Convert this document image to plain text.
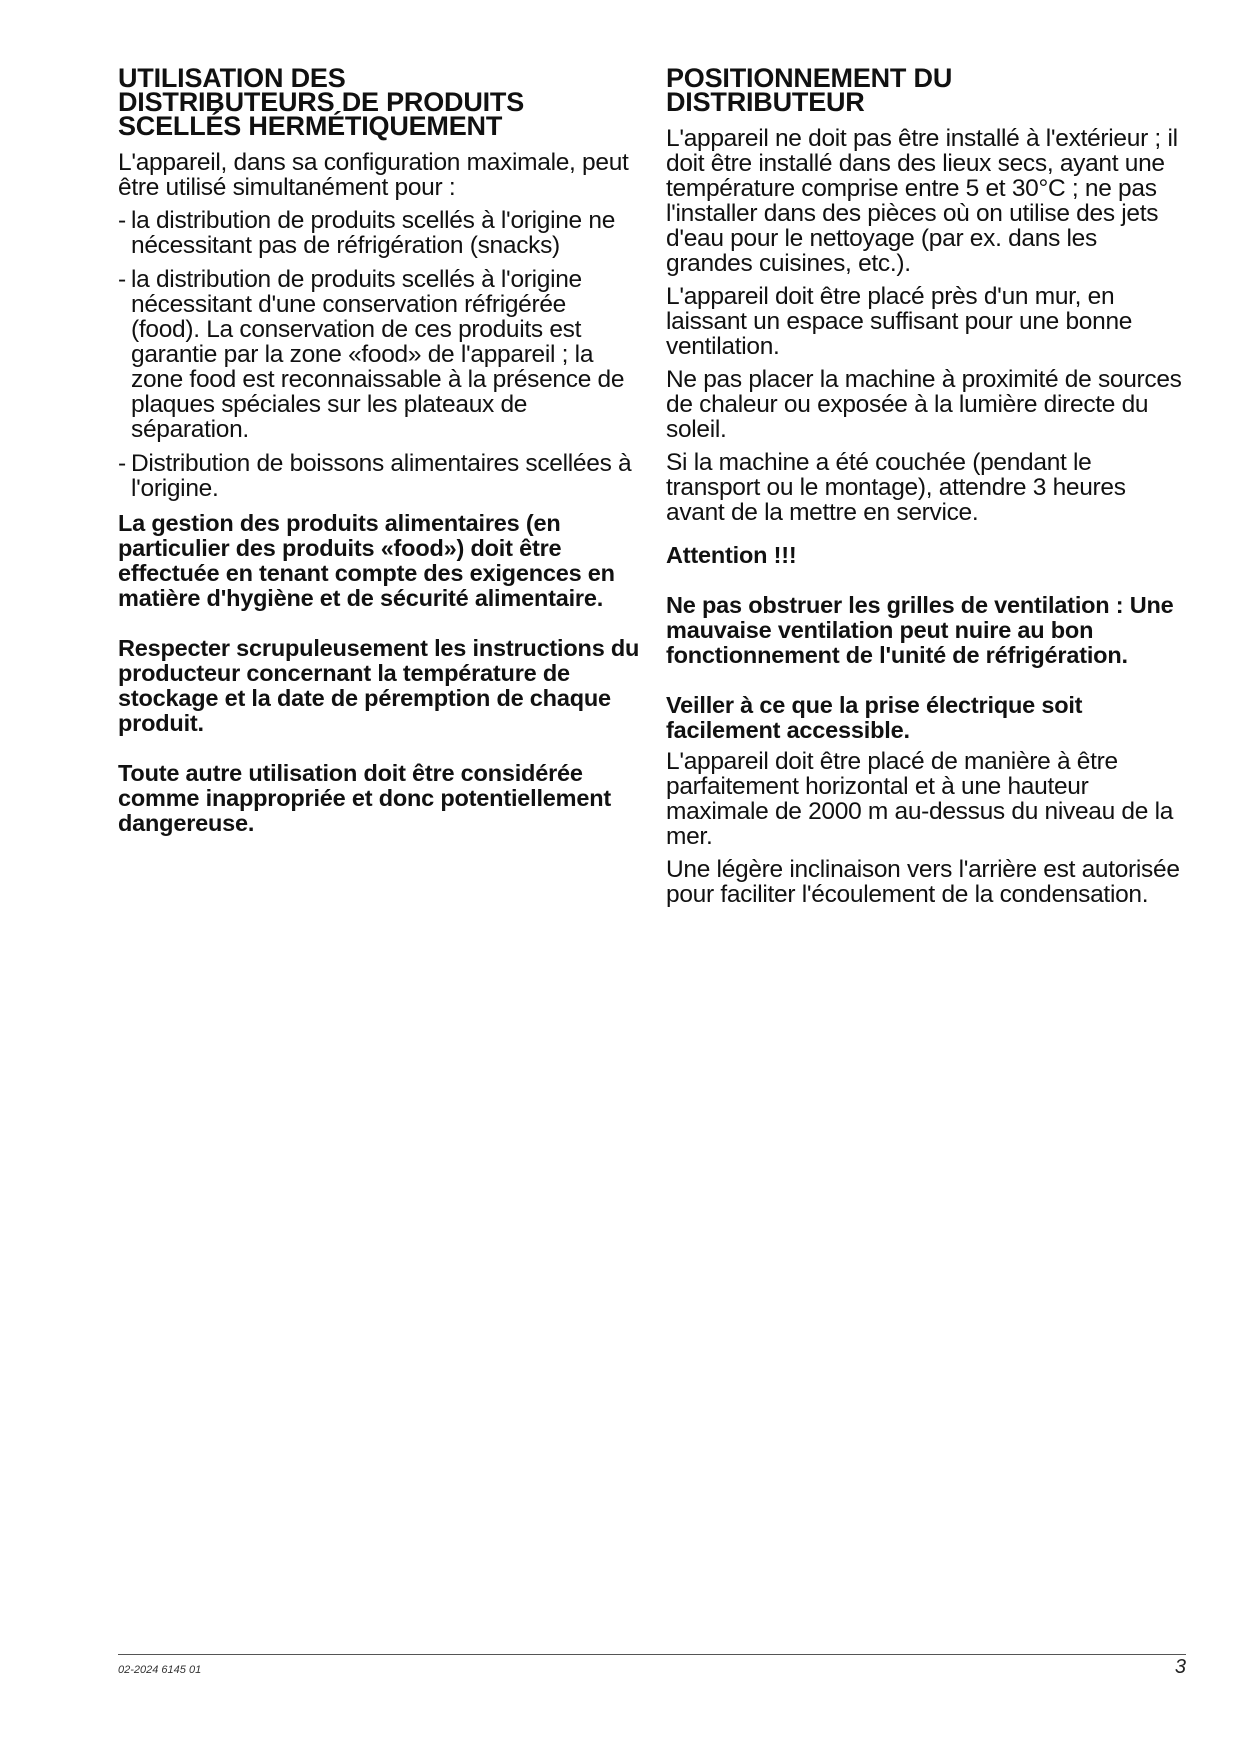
UTILISATION DES
DISTRIBUTEURS DE PRODUITS
SCELLÉS HERMÉTIQUEMENT

L'appareil, dans sa configuration maximale, peut être utilisé simultanément pour :

- la distribution de produits scellés à l'origine ne nécessitant pas de réfrigération (snacks)
- la distribution de produits scellés à l'origine nécessitant d'une conservation réfrigérée (food). La conservation de ces produits est garantie par la zone «food» de l'appareil ; la zone food est reconnaissable à la présence de plaques spéciales sur les plateaux de séparation.
- Distribution de boissons alimentaires scellées à l'origine.

La gestion des produits alimentaires (en particulier des produits «food») doit être effectuée en tenant compte des exigences en matière d'hygiène et de sécurité alimentaire.

Respecter scrupuleusement les instructions du producteur concernant la température de stockage et la date de péremption de chaque produit.

Toute autre utilisation doit être considérée comme inappropriée et donc potentiellement dangereuse.

POSITIONNEMENT DU
DISTRIBUTEUR

L'appareil ne doit pas être installé à l'extérieur ; il doit être installé dans des lieux secs, ayant une température comprise entre 5 et 30°C ; ne pas l'installer dans des pièces où on utilise des jets d'eau pour le nettoyage (par ex. dans les grandes cuisines, etc.).

L'appareil doit être placé près d'un mur, en laissant un espace suffisant pour une bonne ventilation.

Ne pas placer la machine à proximité de sources de chaleur ou exposée à la lumière directe du soleil.

Si la machine a été couchée (pendant le transport ou le montage), attendre 3 heures avant de la mettre en service.

Attention !!!

Ne pas obstruer les grilles de ventilation : Une mauvaise ventilation peut nuire au bon fonctionnement de l'unité de réfrigération.

Veiller à ce que la prise électrique soit facilement accessible.

L'appareil doit être placé de manière à être parfaitement horizontal et à une hauteur maximale de 2000 m au-dessus du niveau de la mer.

Une légère inclinaison vers l'arrière est autorisée pour faciliter l'écoulement de la condensation.

02-2024 6145 01	3
